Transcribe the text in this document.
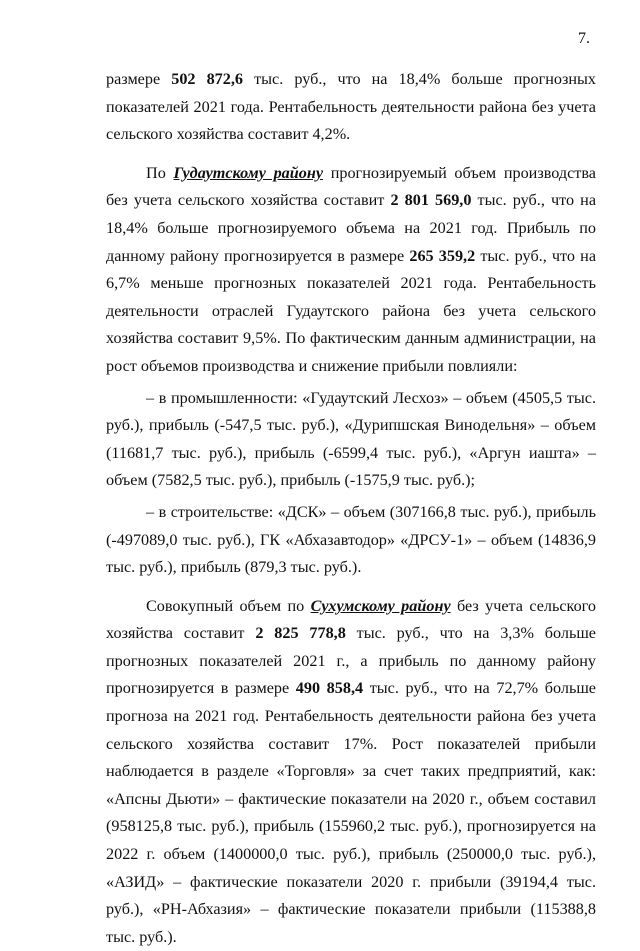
7.

размере 502 872,6 тыс. руб., что на 18,4% больше прогнозных показателей 2021 года. Рентабельность деятельности района без учета сельского хозяйства составит 4,2%.

По Гудаутскому району прогнозируемый объем производства без учета сельского хозяйства составит 2 801 569,0 тыс. руб., что на 18,4% больше прогнозируемого объема на 2021 год. Прибыль по данному району прогнозируется в размере 265 359,2 тыс. руб., что на 6,7% меньше прогнозных показателей 2021 года. Рентабельность деятельности отраслей Гудаутского района без учета сельского хозяйства составит 9,5%. По фактическим данным администрации, на рост объемов производства и снижение прибыли повлияли:

– в промышленности: «Гудаутский Лесхоз» – объем (4505,5 тыс. руб.), прибыль (-547,5 тыс. руб.), «Дурипшская Винодельня» – объем (11681,7 тыс. руб.), прибыль (-6599,4 тыс. руб.), «Аргун иашта» – объем (7582,5 тыс. руб.), прибыль (-1575,9 тыс. руб.);

– в строительстве: «ДСК» – объем (307166,8 тыс. руб.), прибыль (-497089,0 тыс. руб.), ГК «Абхазавтодор» «ДРСУ-1» – объем (14836,9 тыс. руб.), прибыль (879,3 тыс. руб.).

Совокупный объем по Сухумскому району без учета сельского хозяйства составит 2 825 778,8 тыс. руб., что на 3,3% больше прогнозных показателей 2021 г., а прибыль по данному району прогнозируется в размере 490 858,4 тыс. руб., что на 72,7% больше прогноза на 2021 год. Рентабельность деятельности района без учета сельского хозяйства составит 17%. Рост показателей прибыли наблюдается в разделе «Торговля» за счет таких предприятий, как: «Апсны Дьюти» – фактические показатели на 2020 г., объем составил (958125,8 тыс. руб.), прибыль (155960,2 тыс. руб.), прогнозируется на 2022 г. объем (1400000,0 тыс. руб.), прибыль (250000,0 тыс. руб.), «АЗИД» – фактические показатели 2020 г. прибыли (39194,4 тыс. руб.), «РН-Абхазия» – фактические показатели прибыли (115388,8 тыс. руб.).
